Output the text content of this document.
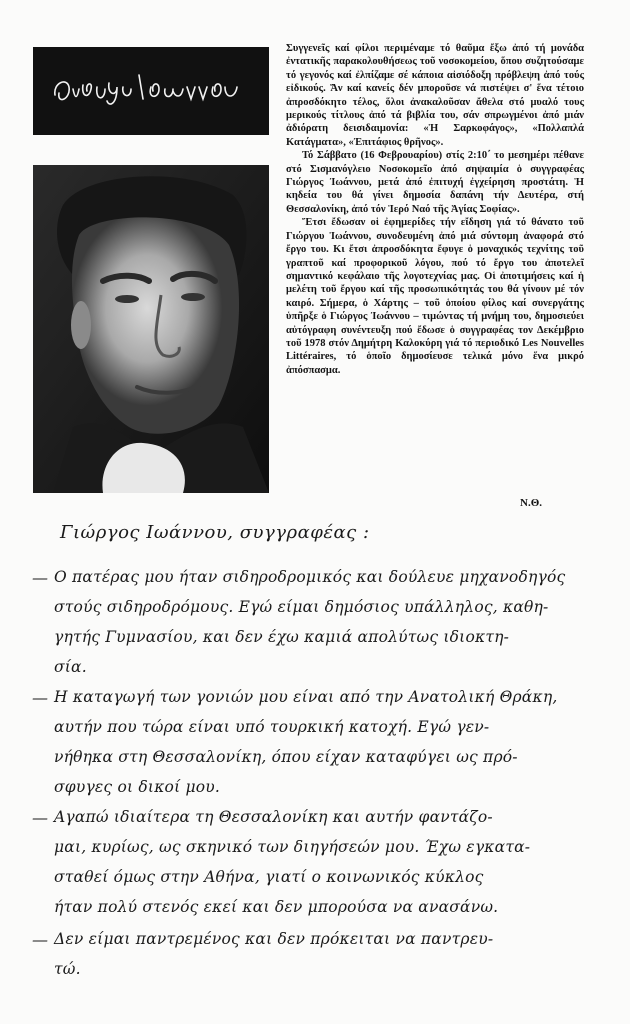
Συγγενεῖς καί φίλοι περιμέναμε τό θαῦμα ἔξω ἀπό τή μονάδα ἐντατικῆς παρακολουθήσεως τοῦ νοσοκομείου, ὅπου συζητούσαμε τό γεγονός καί ἐλπίζαμε σέ κάποια αἰσιόδοξη πρόβλεψη ἀπό τούς εἰδικούς. Ἄν καί κανείς δέν μποροῦσε νά πιστέψει σ' ἕνα τέτοιο ἀπροσδόκητο τέλος, ὅλοι ἀνακαλοῦσαν ἄθελα στό μυαλό τους μερικούς τίτλους ἀπό τά βιβλία του, σάν σπρωγμένοι ἀπό μιάν ἀδιόρατη δεισιδαιμονία: «Ἡ Σαρκοφάγος», «Πολλαπλά Κατάγματα», «Ἐπιτάφιος θρῆνος».

Τό Σάββατο (16 Φεβρουαρίου) στίς 2:10΄ το μεσημέρι πέθανε στό Σισμανόγλειο Νοσοκομεῖο ἀπό σηψαιμία ὁ συγγραφέας Γιώργος Ἰωάννου, μετά ἀπό ἐπιτυχή ἐγχείρηση προστάτη. Ἡ κηδεία του θά γίνει δημοσία δαπάνη τήν Δευτέρα, στή Θεσσαλονίκη, ἀπό τόν Ἱερό Ναό τῆς Ἁγίας Σοφίας».

Ἔτσι ἔδωσαν οἱ ἐφημερίδες τήν εἴδηση γιά τό θάνατο τοῦ Γιώργου Ἰωάννου, συνοδευμένη ἀπό μιά σύντομη ἀναφορά στό ἔργο του. Κι ἔτσι ἀπροσδόκητα ἔφυγε ὁ μοναχικός τεχνίτης τοῦ γραπτοῦ καί προφορικοῦ λόγου, πού τό ἔργο του ἀποτελεῖ σημαντικό κεφάλαιο τῆς λογοτεχνίας μας. Οἱ ἀποτιμήσεις καί ἡ μελέτη τοῦ ἔργου καί τῆς προσωπικότητάς του θά γίνουν μέ τόν καιρό. Σήμερα, ὁ Χάρτης – τοῦ ὁποίου φίλος καί συνεργάτης ὑπῆρξε ὁ Γιώργος Ἰωάννου – τιμώντας τή μνήμη του, δημοσιεύει αὐτόγραφη συνέντευξη πού ἔδωσε ὁ συγγραφέας τον Δεκέμβριο τοῦ 1978 στόν Δημήτρη Καλοκύρη γιά τό περιοδικό Les Nouvelles Littéraires, τό ὁποῖο δημοσίευσε τελικά μόνο ἕνα μικρό ἀπόσπασμα.

Ν.Θ.
Γιώργος Ιωάννου, συγγραφέας :
— Ο πατέρας μου ήταν σιδηροδρομικός και δούλευε μηχανοδηγός
στούς σιδηροδρόμους. Εγώ είμαι δημόσιος υπάλληλος, καθη-
γητής Γυμνασίου, και δεν έχω καμιά απολύτως ιδιοκτη-
σία.
— Η καταγωγή των γονιών μου είναι από την Ανατολική Θράκη,
αυτήν που τώρα είναι υπό τουρκική κατοχή. Εγώ γεν-
νήθηκα στη Θεσσαλονίκη, όπου είχαν καταφύγει ως πρό-
σφυγες οι δικοί μου.
— Αγαπώ ιδιαίτερα τη Θεσσαλονίκη και αυτήν φαντάζο-
μαι, κυρίως, ως σκηνικό των διηγήσεών μου. Έχω εγκατα-
σταθεί όμως στην Αθήνα, γιατί ο κοινωνικός κύκλος
ήταν πολύ στενός εκεί και δεν μπορούσα να ανασάνω.
— Δεν είμαι παντρεμένος και δεν πρόκειται να παντρευ-
τώ.
